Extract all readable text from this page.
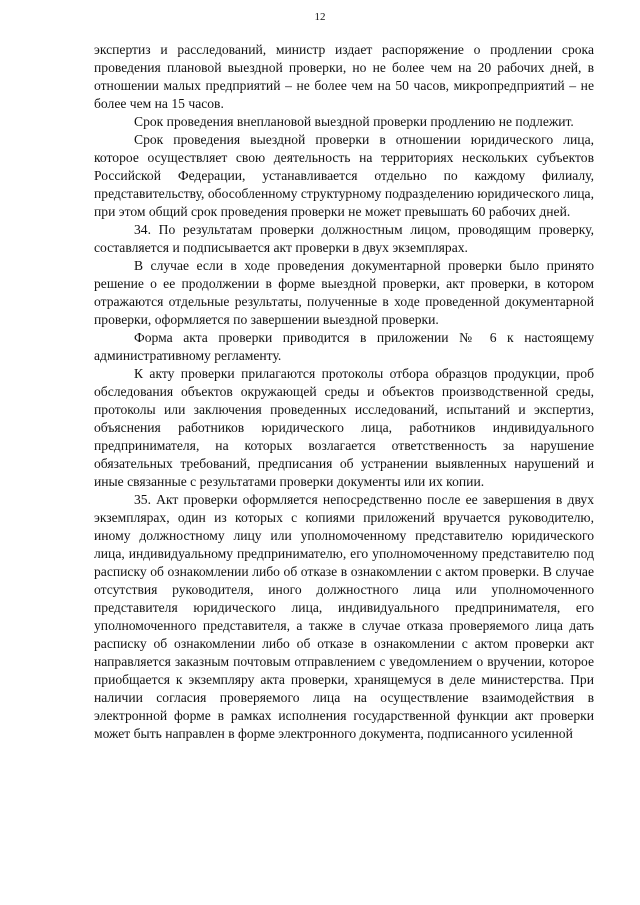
12

экспертиз и расследований, министр издает распоряжение о продлении срока проведения плановой выездной проверки, но не более чем на 20 рабочих дней, в отношении малых предприятий – не более чем на 50 часов, микропредприятий – не более чем на 15 часов.

Срок проведения внеплановой выездной проверки продлению не подлежит.

Срок проведения выездной проверки в отношении юридического лица, которое осуществляет свою деятельность на территориях нескольких субъектов Российской Федерации, устанавливается отдельно по каждому филиалу, представительству, обособленному структурному подразделению юридического лица, при этом общий срок проведения проверки не может превышать 60 рабочих дней.

34. По результатам проверки должностным лицом, проводящим проверку, составляется и подписывается акт проверки в двух экземплярах.

В случае если в ходе проведения документарной проверки было принято решение о ее продолжении в форме выездной проверки, акт проверки, в котором отражаются отдельные результаты, полученные в ходе проведенной документарной проверки, оформляется по завершении выездной проверки.

Форма акта проверки приводится в приложении № 6 к настоящему административному регламенту.

К акту проверки прилагаются протоколы отбора образцов продукции, проб обследования объектов окружающей среды и объектов производственной среды, протоколы или заключения проведенных исследований, испытаний и экспертиз, объяснения работников юридического лица, работников индивидуального предпринимателя, на которых возлагается ответственность за нарушение обязательных требований, предписания об устранении выявленных нарушений и иные связанные с результатами проверки документы или их копии.

35. Акт проверки оформляется непосредственно после ее завершения в двух экземплярах, один из которых с копиями приложений вручается руководителю, иному должностному лицу или уполномоченному представителю юридического лица, индивидуальному предпринимателю, его уполномоченному представителю под расписку об ознакомлении либо об отказе в ознакомлении с актом проверки. В случае отсутствия руководителя, иного должностного лица или уполномоченного представителя юридического лица, индивидуального предпринимателя, его уполномоченного представителя, а также в случае отказа проверяемого лица дать расписку об ознакомлении либо об отказе в ознакомлении с актом проверки акт направляется заказным почтовым отправлением с уведомлением о вручении, которое приобщается к экземпляру акта проверки, хранящемуся в деле министерства. При наличии согласия проверяемого лица на осуществление взаимодействия в электронной форме в рамках исполнения государственной функции акт проверки может быть направлен в форме электронного документа, подписанного усиленной
